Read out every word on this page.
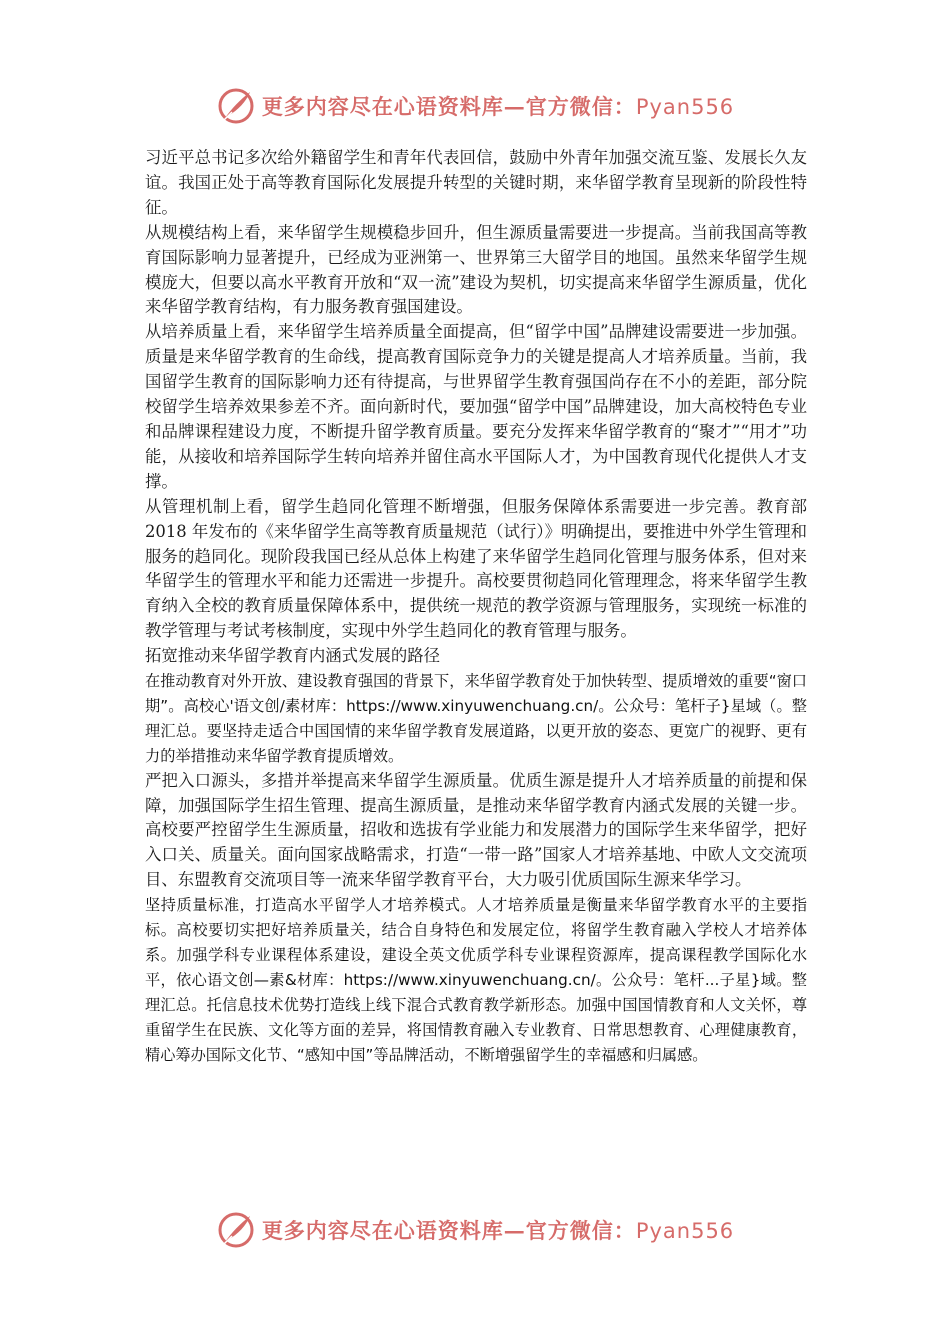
更多内容尽在心语资料库—官方微信：Pyan556

习近平总书记多次给外籍留学生和青年代表回信，鼓励中外青年加强交流互鉴、发展长久友谊。我国正处于高等教育国际化发展提升转型的关键时期，来华留学教育呈现新的阶段性特征。

从规模结构上看，来华留学生规模稳步回升，但生源质量需要进一步提高。当前我国高等教育国际影响力显著提升，已经成为亚洲第一、世界第三大留学目的地国。虽然来华留学生规模庞大，但要以高水平教育开放和“双一流”建设为契机，切实提高来华留学生源质量，优化来华留学教育结构，有力服务教育强国建设。

从培养质量上看，来华留学生培养质量全面提高，但“留学中国”品牌建设需要进一步加强。质量是来华留学教育的生命线，提高教育国际竞争力的关键是提高人才培养质量。当前，我国留学生教育的国际影响力还有待提高，与世界留学生教育强国尚存在不小的差距，部分院校留学生培养效果参差不齐。面向新时代，要加强“留学中国”品牌建设，加大高校特色专业和品牌课程建设力度，不断提升留学教育质量。要充分发挥来华留学教育的“聚才”“用才”功能，从接收和培养国际学生转向培养并留住高水平国际人才，为中国教育现代化提供人才支撑。

从管理机制上看，留学生趋同化管理不断增强，但服务保障体系需要进一步完善。教育部 2018 年发布的《来华留学生高等教育质量规范（试行）》明确提出，要推进中外学生管理和服务的趋同化。现阶段我国已经从总体上构建了来华留学生趋同化管理与服务体系，但对来华留学生的管理水平和能力还需进一步提升。高校要贯彻趋同化管理理念，将来华留学生教育纳入全校的教育质量保障体系中，提供统一规范的教学资源与管理服务，实现统一标准的教学管理与考试考核制度，实现中外学生趋同化的教育管理与服务。

拓宽推动来华留学教育内涵式发展的路径

在推动教育对外开放、建设教育强国的背景下，来华留学教育处于加快转型、提质增效的重要“窗口期”。高校心'语文创/素材库：https://www.xinyuwenchuang.cn/。公众号：笔杆子}星域（。整理汇总。要坚持走适合中国国情的来华留学教育发展道路，以更开放的姿态、更宽广的视野、更有力的举措推动来华留学教育提质增效。

严把入口源头，多措并举提高来华留学生源质量。优质生源是提升人才培养质量的前提和保障，加强国际学生招生管理、提高生源质量，是推动来华留学教育内涵式发展的关键一步。高校要严控留学生生源质量，招收和选拔有学业能力和发展潜力的国际学生来华留学，把好入口关、质量关。面向国家战略需求，打造“一带一路”国家人才培养基地、中欧人文交流项目、东盟教育交流项目等一流来华留学教育平台，大力吸引优质国际生源来华学习。

坚持质量标准，打造高水平留学人才培养模式。人才培养质量是衡量来华留学教育水平的主要指标。高校要切实把好培养质量关，结合自身特色和发展定位，将留学生教育融入学校人才培养体系。加强学科专业课程体系建设，建设全英文优质学科专业课程资源库，提高课程教学国际化水平，依心语文创—素&材库：https://www.xinyuwenchuang.cn/。公众号：笔杆...子星}域。整理汇总。托信息技术优势打造线上线下混合式教育教学新形态。加强中国国情教育和人文关怀，尊重留学生在民族、文化等方面的差异，将国情教育融入专业教育、日常思想教育、心理健康教育，精心筹办国际文化节、“感知中国”等品牌活动，不断增强留学生的幸福感和归属感。

更多内容尽在心语资料库—官方微信：Pyan556
